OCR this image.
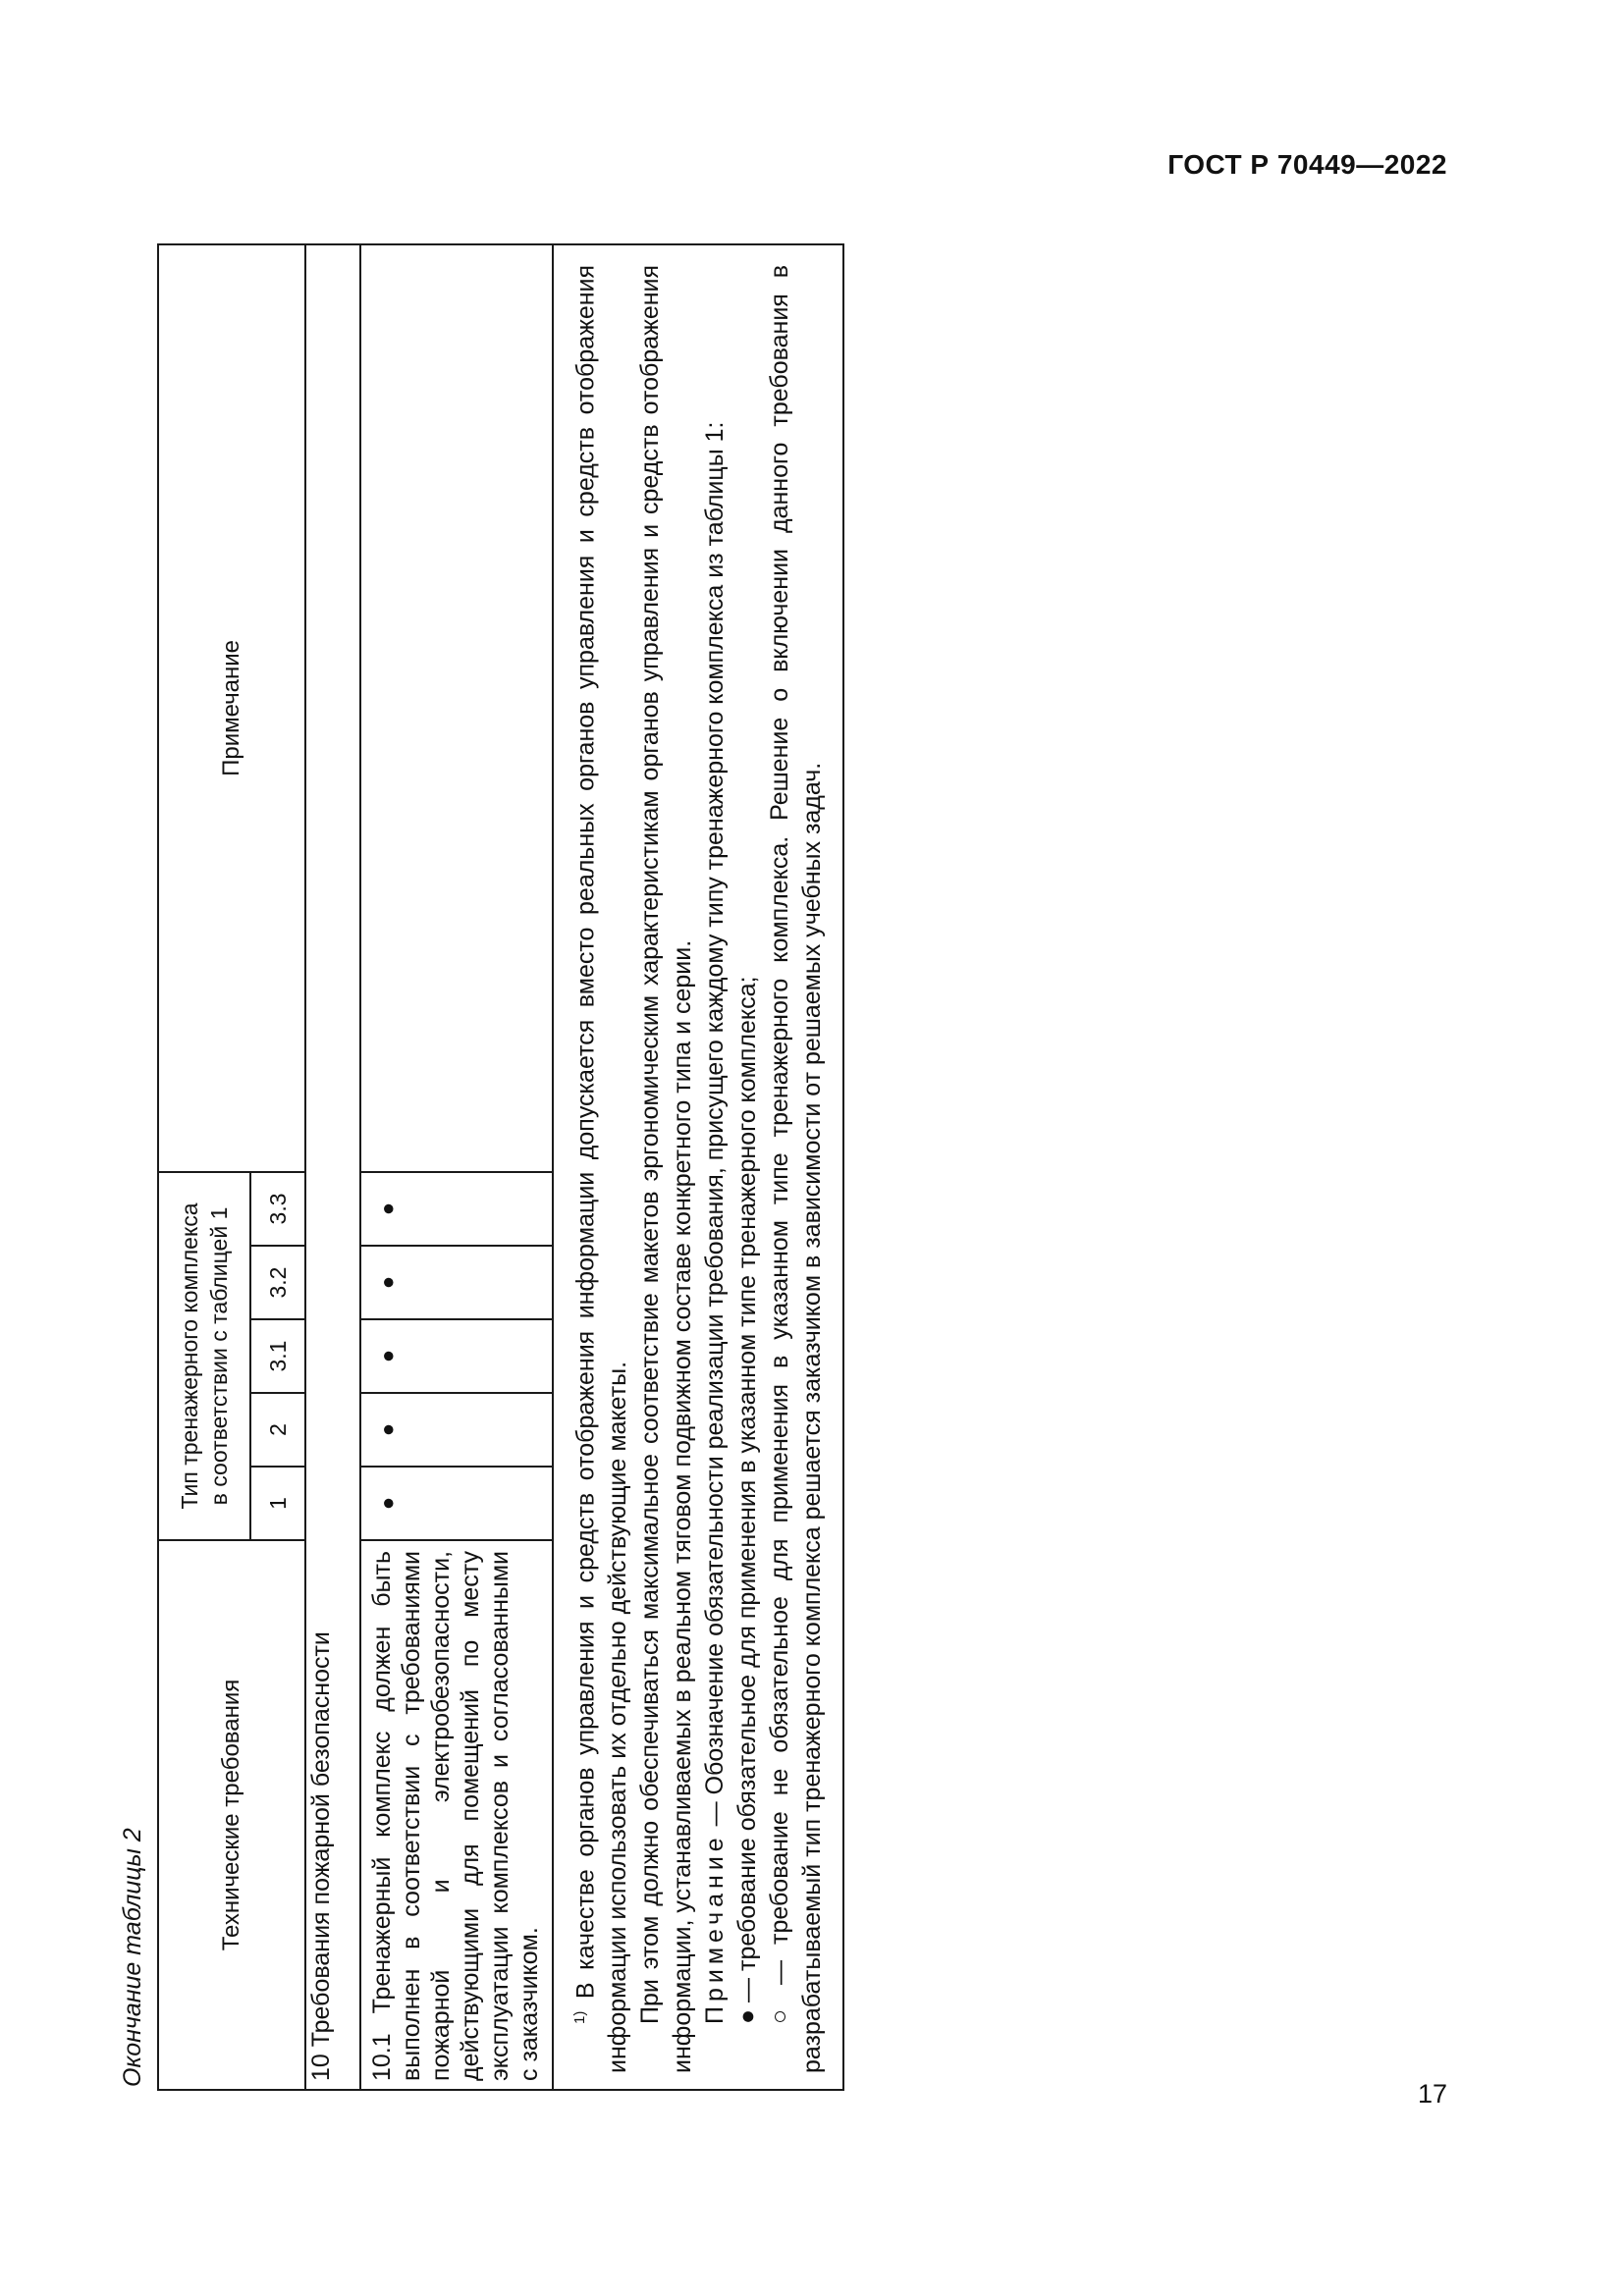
ГОСТ Р 70449—2022
Окончание таблицы 2
Технические требования	Тип тренажерного комплекса в соответствии с таблицей 1					Примечание
	1	2	3.1	3.2	3.3	
10 Требования пожарной безопасности						
10.1 Тренажерный комплекс должен быть выполнен в соответствии с требованиями пожарной и электробезопасности, действующими для помещений по месту эксплуатации комплексов и согласованными с заказчиком.	●	●	●	●	●	

$^{1)}$ В качестве органов управления и средств отображения информации допускается вместо реальных органов управления и средств отображения информации использовать их отдельно действующие макеты. При этом должно обеспечиваться максимальное соответствие макетов эргономическим характеристикам органов управления и средств отображения информации, устанавливаемых в реальном тяговом подвижном составе конкретного типа и серии. Примечание — Обозначение обязательности реализации требования, присущего каждому типу тренажерного комплекса из таблицы 1: ● — требование обязательное для применения в указанном типе тренажерного комплекса; ○ — требование не обязательное для применения в указанном типе тренажерного комплекса. Решение о включении данного требования в разрабатываемый тип тренажерного комплекса решается заказчиком в зависимости от решаемых учебных задач.						

17
